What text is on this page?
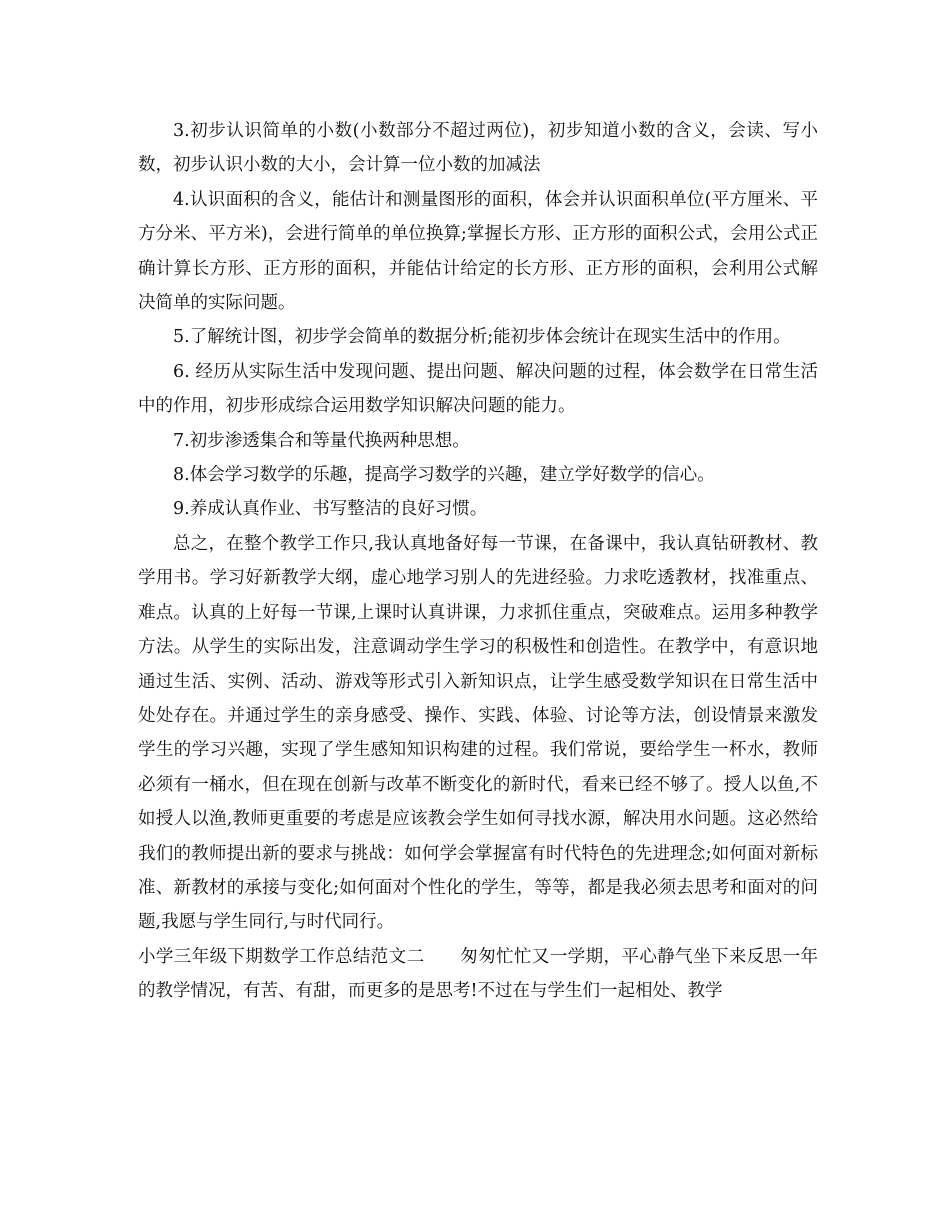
3.初步认识简单的小数(小数部分不超过两位)，初步知道小数的含义，会读、写小数，初步认识小数的大小，会计算一位小数的加减法

4.认识面积的含义，能估计和测量图形的面积，体会并认识面积单位(平方厘米、平方分米、平方米)，会进行简单的单位换算;掌握长方形、正方形的面积公式，会用公式正确计算长方形、正方形的面积，并能估计给定的长方形、正方形的面积，会利用公式解决简单的实际问题。

5.了解统计图，初步学会简单的数据分析;能初步体会统计在现实生活中的作用。

6. 经历从实际生活中发现问题、提出问题、解决问题的过程，体会数学在日常生活中的作用，初步形成综合运用数学知识解决问题的能力。

7.初步渗透集合和等量代换两种思想。

8.体会学习数学的乐趣，提高学习数学的兴趣，建立学好数学的信心。

9.养成认真作业、书写整洁的良好习惯。

总之，在整个教学工作只,我认真地备好每一节课，在备课中，我认真钻研教材、教学用书。学习好新教学大纲，虚心地学习别人的先进经验。力求吃透教材，找准重点、难点。认真的上好每一节课,上课时认真讲课，力求抓住重点，突破难点。运用多种教学方法。从学生的实际出发，注意调动学生学习的积极性和创造性。在教学中，有意识地通过生活、实例、活动、游戏等形式引入新知识点，让学生感受数学知识在日常生活中处处存在。并通过学生的亲身感受、操作、实践、体验、讨论等方法，创设情景来激发学生的学习兴趣，实现了学生感知知识构建的过程。我们常说，要给学生一杯水，教师必须有一桶水，但在现在创新与改革不断变化的新时代，看来已经不够了。授人以鱼,不如授人以渔,教师更重要的考虑是应该教会学生如何寻找水源，解决用水问题。这必然给我们的教师提出新的要求与挑战：如何学会掌握富有时代特色的先进理念;如何面对新标准、新教材的承接与变化;如何面对个性化的学生，等等，都是我必须去思考和面对的问题,我愿与学生同行,与时代同行。

小学三年级下期数学工作总结范文二　　匆匆忙忙又一学期，平心静气坐下来反思一年的教学情况，有苦、有甜，而更多的是思考!不过在与学生们一起相处、教学
